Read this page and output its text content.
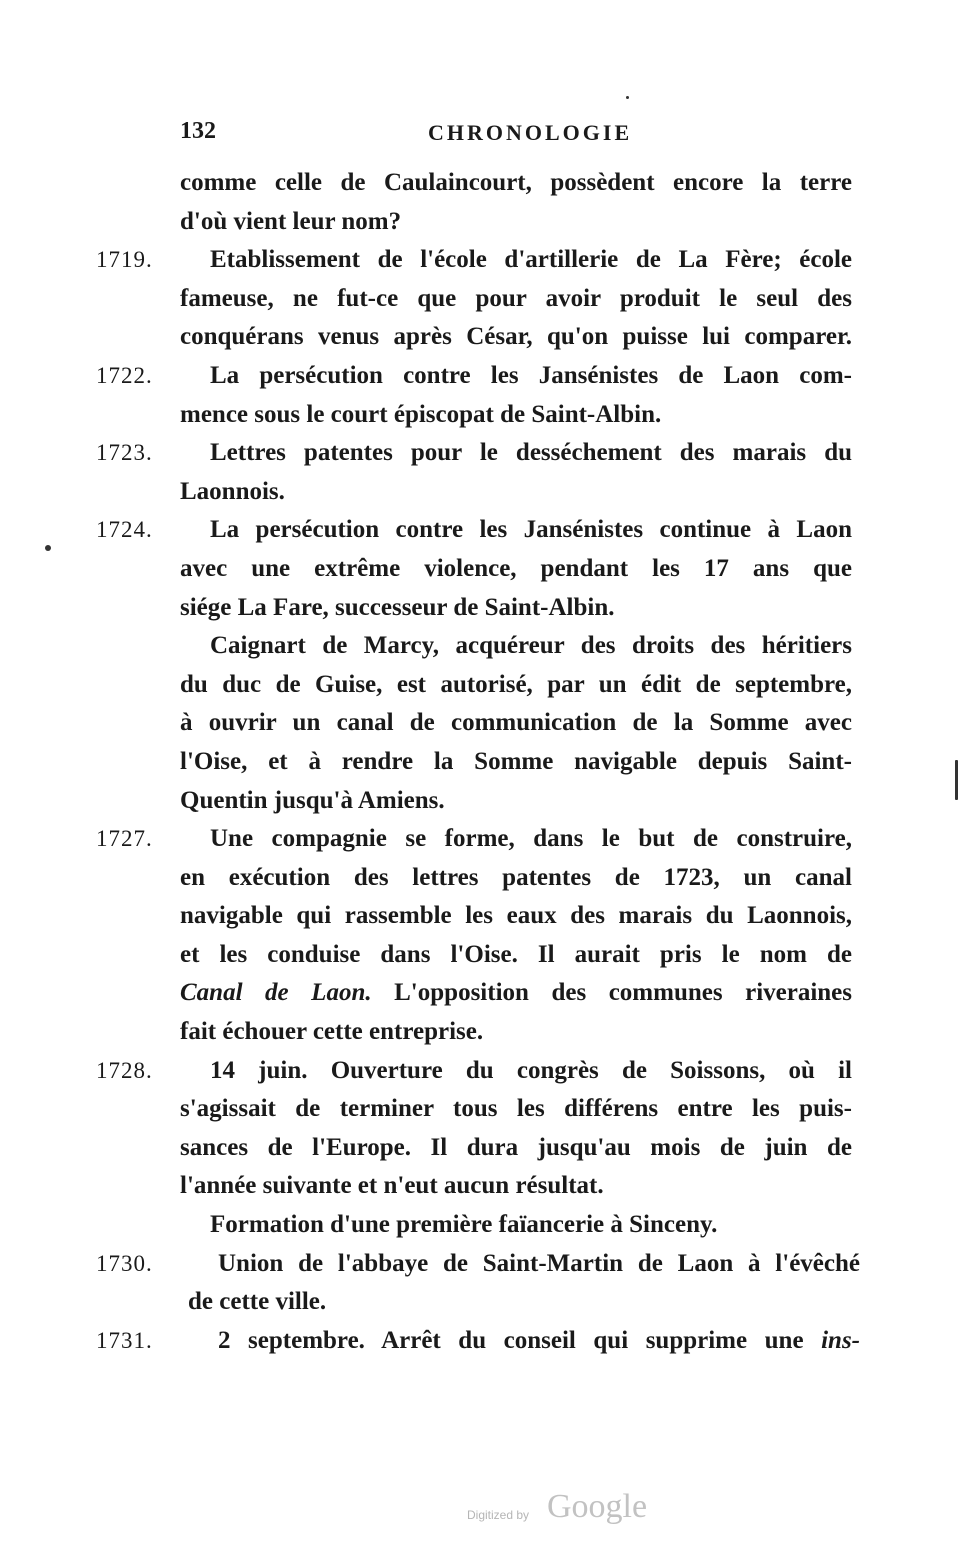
132	CHRONOLOGIE
comme celle de Caulaincourt, possèdent encore la terre
d'où vient leur nom?
1719.	Etablissement de l'école d'artillerie de La Fère; école
fameuse, ne fut-ce que pour avoir produit le seul des
conquérans venus après César, qu'on puisse lui comparer.
1722.	La persécution contre les Jansénistes de Laon com-
mence sous le court épiscopat de Saint-Albin.
1723.	Lettres patentes pour le desséchement des marais du
Laonnois.
1724.	La persécution contre les Jansénistes continue à Laon
avec une extrême violence, pendant les 17 ans que
siége La Fare, successeur de Saint-Albin.
Caignart de Marcy, acquéreur des droits des héritiers
du duc de Guise, est autorisé, par un édit de septembre,
à ouvrir un canal de communication de la Somme avec
l'Oise, et à rendre la Somme navigable depuis Saint-
Quentin jusqu'à Amiens.
1727.	Une compagnie se forme, dans le but de construire,
en exécution des lettres patentes de 1723, un canal
navigable qui rassemble les eaux des marais du Laonnois,
et les conduise dans l'Oise. Il aurait pris le nom de
Canal de Laon. L'opposition des communes riveraines
fait échouer cette entreprise.
1728.	14 juin. Ouverture du congrès de Soissons, où il
s'agissait de terminer tous les différens entre les puis-
sances de l'Europe. Il dura jusqu'au mois de juin de
l'année suivante et n'eut aucun résultat.
Formation d'une première faïancerie à Sinceny.
1730.	Union de l'abbaye de Saint-Martin de Laon à l'évêché
de cette ville.
1731.	2 septembre. Arrêt du conseil qui supprime une ins-
Digitized by Google
